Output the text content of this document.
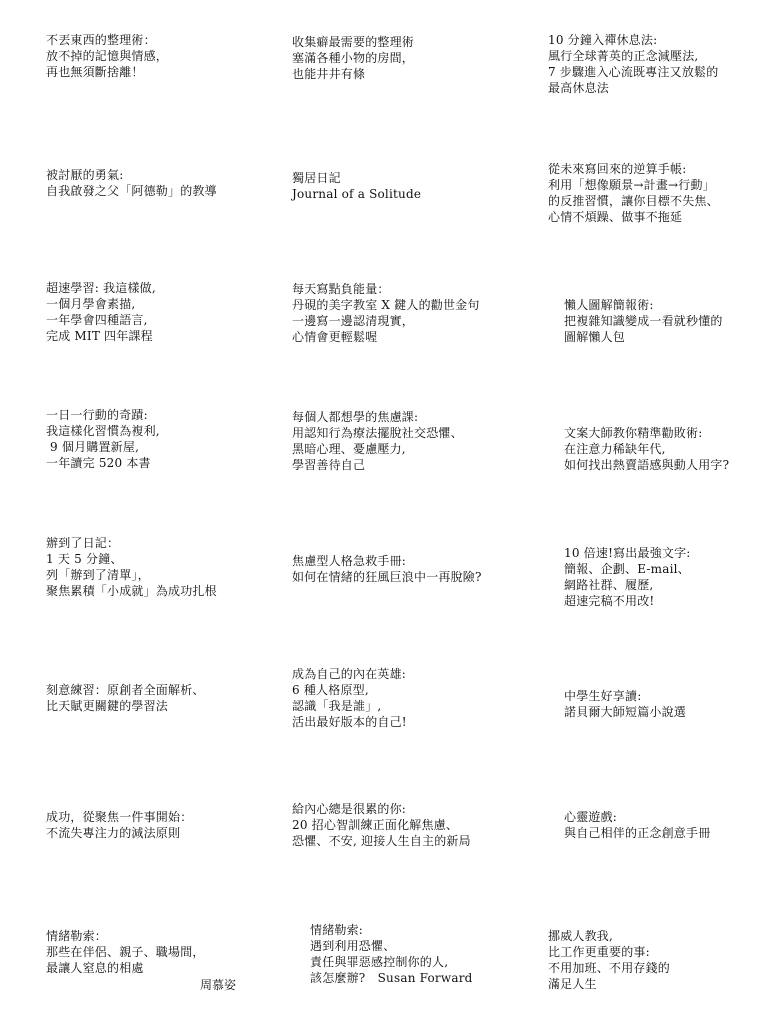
不丟東西的整理術：
放不掉的記憶與情感，
再也無須斷捨離！
收集癖最需要的整理術
塞滿各種小物的房間，
也能井井有條
10 分鐘入禪休息法:
風行全球菁英的正念減壓法,
7 步驟進入心流既專注又放鬆的
最高休息法
被討厭的勇氣:
自我啟發之父「阿德勒」的教導
獨居日記
Journal of a Solitude
從未來寫回來的逆算手帳:
利用「想像願景→計畫→行動」
的反推習慣，讓你目標不失焦、
心情不煩躁、做事不拖延
超速學習: 我這樣做,
一個月學會素描,
一年學會四種語言,
完成 MIT 四年課程
每天寫點負能量：
丹硯的美字教室 X 鍵人的勸世金句
一邊寫一邊認清現實，
心情會更輕鬆喔
懶人圖解簡報術:
把複雜知識變成一看就秒懂的
圖解懶人包
一日一行動的奇蹟:
我這樣化習慣為複利,
9 個月購置新屋,
一年讀完 520 本書
每個人都想學的焦慮課:
用認知行為療法擺脫社交恐懼、
黑暗心理、憂慮壓力,
學習善待自己
文案大師教你精準勸敗術:
在注意力稀缺年代,
如何找出熱賣語感與動人用字?
辦到了日記：
1 天 5 分鐘、
列「辦到了清單」，
聚焦累積「小成就」為成功扎根
焦慮型人格急救手冊:
如何在情緒的狂風巨浪中一再脫險?
10 倍速!寫出最強文字:
簡報、企劃、E-mail、
網路社群、履歷,
超速完稿不用改!
刻意練習：原創者全面解析、
比天賦更關鍵的學習法
成為自己的內在英雄:
6 種人格原型,
認識「我是誰」,
活出最好版本的自己!
中學生好享讀:
諾貝爾大師短篇小說選
成功，從聚焦一件事開始：
不流失專注力的減法原則
給內心總是很累的你:
20 招心智訓練正面化解焦慮、
恐懼、不安, 迎接人生自主的新局
心靈遊戲:
與自己相伴的正念創意手冊
情緒勒索：
那些在伴侶、親子、職場間，
最讓人窒息的相處
情緒勒索:
遇到利用恐懼、
責任與罪惡感控制你的人,
該怎麼辦?　Susan Forward
挪威人教我,
比工作更重要的事:
不用加班、不用存錢的
滿足人生
周慕姿
